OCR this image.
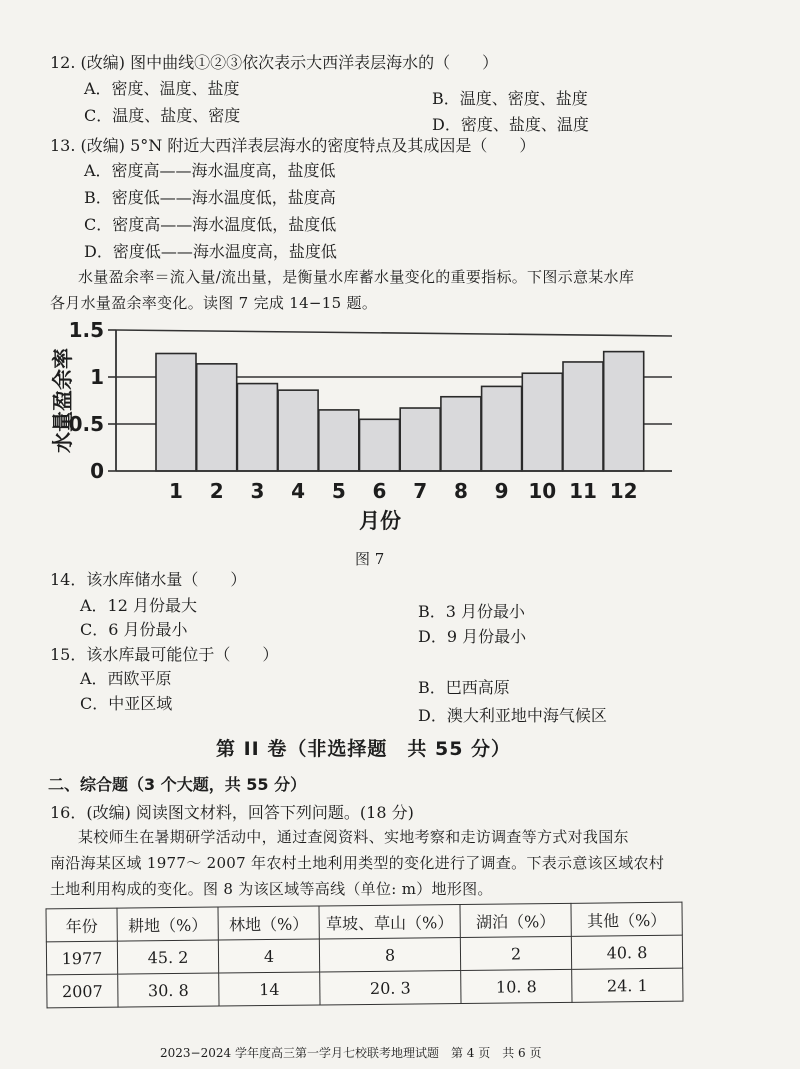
12. (改编) 图中曲线①②③依次表示大西洋表层海水的（　　）
A．密度、温度、盐度
B．温度、密度、盐度
C．温度、盐度、密度	D．密度、盐度、温度
13. (改编) 5°N 附近大西洋表层海水的密度特点及其成因是（　　）
A．密度高——海水温度高，盐度低
B．密度低——海水温度低，盐度高
C．密度高——海水温度低，盐度低
D．密度低——海水温度高，盐度低
水量盈余率＝流入量/流出量，是衡量水库蓄水量变化的重要指标。下图示意某水库
各月水量盈余率变化。读图 7 完成 14−15 题。
0
0.5
1
1.5
1 2 3 4 5 6 7 8 9 10 11 12
月份
水量盈余率
图 7
14．该水库储水量（　　）
A．12 月份最大	B．3 月份最小
C．6 月份最小	D．9 月份最小
15．该水库最可能位于（　　）
A．西欧平原	B．巴西高原
C．中亚区域
D．澳大利亚地中海气候区
第 II 卷（非选择题　共 55 分）
二、综合题（3 个大题，共 55 分）
16．(改编) 阅读图文材料，回答下列问题。(18 分)
某校师生在暑期研学活动中，通过查阅资料、实地考察和走访调查等方式对我国东
南沿海某区域 1977～ 2007 年农村土地利用类型的变化进行了调查。下表示意该区域农村
土地利用构成的变化。图 8 为该区域等高线（单位: m）地形图。
年份	耕地（%）	林地（%）	草坡、草山（%）	湖泊（%）	其他（%）
1977	45. 2	4	8	2	40. 8
2007	30. 8	14	20. 3	10. 8	24. 1
2023−2024 学年度高三第一学月七校联考地理试题　第 4 页　共 6 页
